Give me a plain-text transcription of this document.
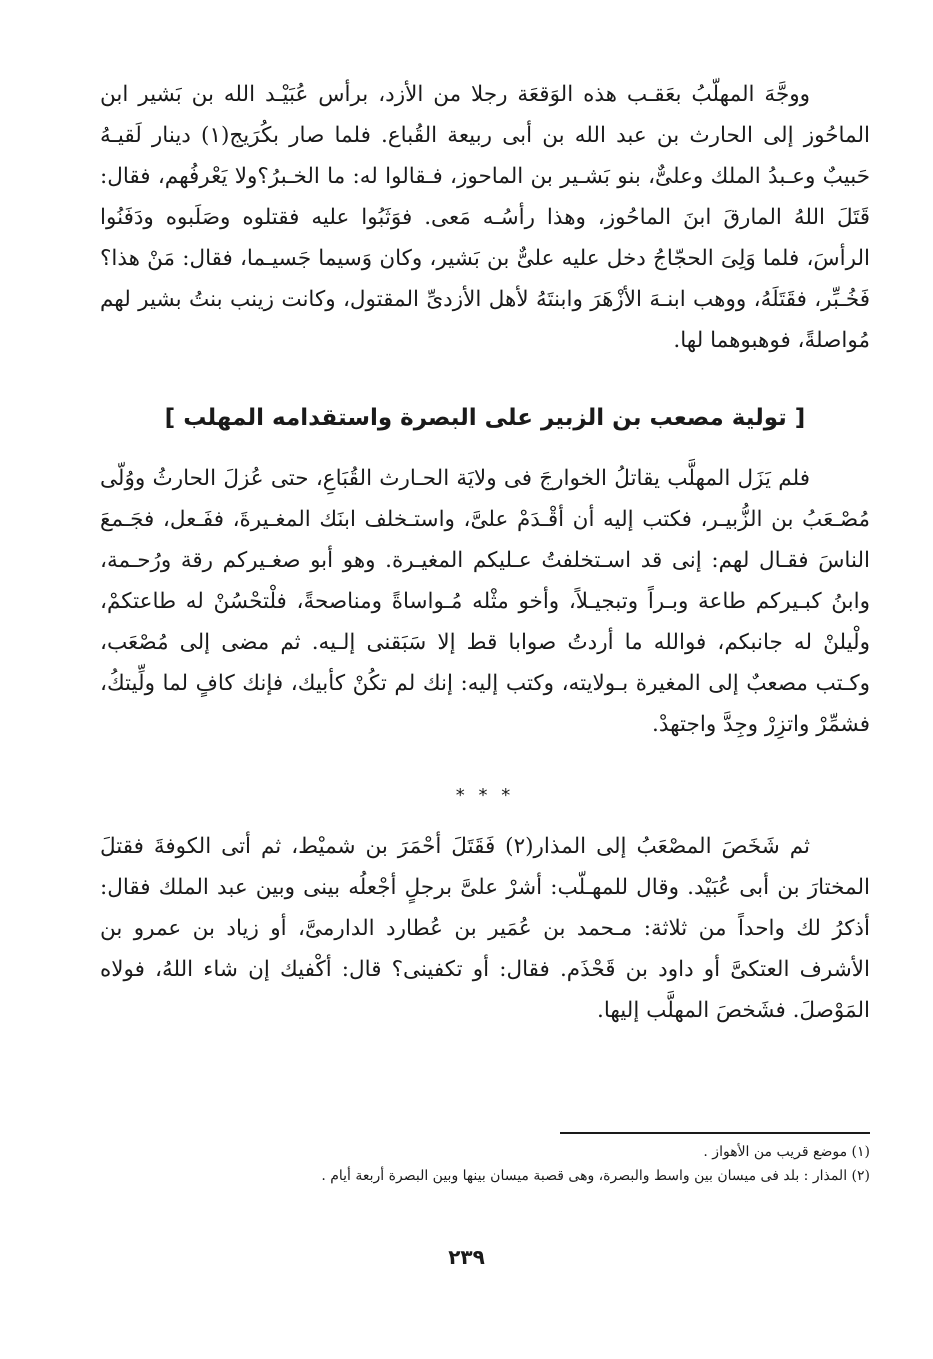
ووجَّهَ المهلّبُ بعَقـب هذه الوَقعَة رجلا من الأزد، برأس عُبَيْـد الله بن بَشير ابن الماحُوز إلى الحارث بن عبد الله بن أبى ربيعة القُباع. فلما صار بكُرَيج(١) دينار لَقيـهُ حَبيبٌ وعـبدُ الملك وعلىٌّ، بنو بَشـير بن الماحوز، فـقالوا له: ما الخـبرُ؟ولا يَعْرفُهم، فقال: قَتَلَ اللهُ المارقَ ابنَ الماحُوز، وهذا رأسُـه مَعى. فوَثَبُوا عليه فقتلوه وصَلَبوه ودَفَنُوا الرأسَ، فلما وَلِىَ الحجّاجُ دخل عليه علىٌّ بن بَشير، وكان وَسيما جَسيـما، فقال: مَنْ هذا؟ فَخُـبِّر، فقَتَلَهُ، ووهب ابنـهَ الأزْهَرَ وابنتَهُ لأهل الأزدىِّ المقتول، وكانت زينب بنتُ بشير لهم مُواصلةً، فوهبوهما لها.

[ تولية مصعب بن الزبير على البصرة واستقدامه المهلب ]

فلم يَزَل المهلَّب يقاتلُ الخوارجَ فى ولايَة الحـارث القُبَاعِ، حتى عُزلَ الحارثُ ووُلّى مُصْـعَبُ بن الزُّبيـر، فكتب إليه أن أقْـدَمْ علىَّ، واستـخلف ابنَك المغـيرةَ، ففَـعل، فجَـمعَ الناسَ فقـال لهم: إنى قد اسـتخلفتُ عـليكم المغيـرة. وهو أبو صغـيركم رقة ورُحـمة، وابنُ كبـيركم طاعة وبـراً وتبجيـلاً، وأخو مثْله مُـواساةً ومناصحةً، فلْتحْسُنْ له طاعتكمْ، ولْيلنْ له جانبكم، فوالله ما أردتُ صوابا قط إلا سَبَقنى إلـيه. ثم مضى إلى مُصْعَب، وكـتب مصعبٌ إلى المغيرة بـولايته، وكتب إليه: إنك لم تكُنْ كأبيك، فإنك كافٍ لما ولِّيتكُ، فشمِّرْ واتزِرْ وجِدَّ واجتهدْ.

* * *

ثم شَخَصَ المصْعَبُ إلى المذار(٢) فَقَتَلَ أحْمَرَ بن شميْط، ثم أتى الكوفةَ فقتلَ المختارَ بن أبى عُبَيْد. وقال للمهـلّب: أشرْ علىَّ برجلٍ أجْعلُه بينى وبين عبد الملك فقال: أذكرُ لك واحداً من ثلاثة: مـحمد بن عُمَير بن عُطارد الدارمىَّ، أو زياد بن عمرو بن الأشرف العتكىَّ أو داود بن قَحْذَم. فقال: أو تكفينى؟ قال: أكْفيك إن شاء اللهُ، فولاه المَوْصلَ. فشَخصَ المهلَّب إليها.

(١) موضع قريب من الأهواز .

(٢) المذار : بلد فى ميسان بين واسط والبصرة، وهى قصبة ميسان بينها وبين البصرة أربعة أيام .

٢٣٩
